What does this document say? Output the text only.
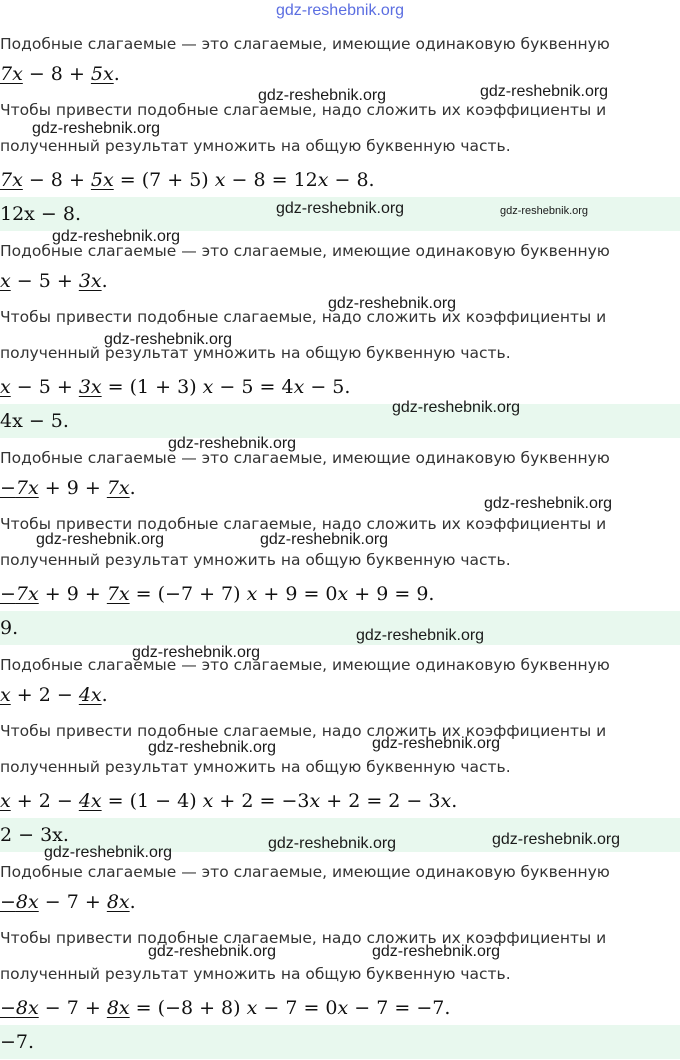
gdz-reshebnik.org
Подобные слагаемые — это слагаемые, имеющие одинаковую буквенную
7x − 8 + 5x.
Чтобы привести подобные слагаемые, надо сложить их коэффициенты и
полученный результат умножить на общую буквенную часть.
7x − 8 + 5x = (7 + 5) x − 8 = 12x − 8.
12x − 8.
Подобные слагаемые — это слагаемые, имеющие одинаковую буквенную
x − 5 + 3x.
Чтобы привести подобные слагаемые, надо сложить их коэффициенты и
полученный результат умножить на общую буквенную часть.
x − 5 + 3x = (1 + 3) x − 5 = 4x − 5.
4x − 5.
Подобные слагаемые — это слагаемые, имеющие одинаковую буквенную
−7x + 9 + 7x.
Чтобы привести подобные слагаемые, надо сложить их коэффициенты и
полученный результат умножить на общую буквенную часть.
−7x + 9 + 7x = (−7 + 7) x + 9 = 0x + 9 = 9.
9.
Подобные слагаемые — это слагаемые, имеющие одинаковую буквенную
x + 2 − 4x.
Чтобы привести подобные слагаемые, надо сложить их коэффициенты и
полученный результат умножить на общую буквенную часть.
x + 2 − 4x = (1 − 4) x + 2 = −3x + 2 = 2 − 3x.
2 − 3x.
Подобные слагаемые — это слагаемые, имеющие одинаковую буквенную
−8x − 7 + 8x.
Чтобы привести подобные слагаемые, надо сложить их коэффициенты и
полученный результат умножить на общую буквенную часть.
−8x − 7 + 8x = (−8 + 8) x − 7 = 0x − 7 = −7.
−7.
gdz-reshebnik.org	gdz-reshebnik.org
gdz-reshebnik.org
gdz-reshebnik.org	gdz-reshebnik.org
gdz-reshebnik.org
gdz-reshebnik.org
gdz-reshebnik.org
gdz-reshebnik.org
gdz-reshebnik.org
gdz-reshebnik.org
gdz-reshebnik.org	gdz-reshebnik.org
gdz-reshebnik.org
gdz-reshebnik.org
gdz-reshebnik.org	gdz-reshebnik.org
gdz-reshebnik.org	gdz-reshebnik.org
gdz-reshebnik.org
gdz-reshebnik.org	gdz-reshebnik.org
